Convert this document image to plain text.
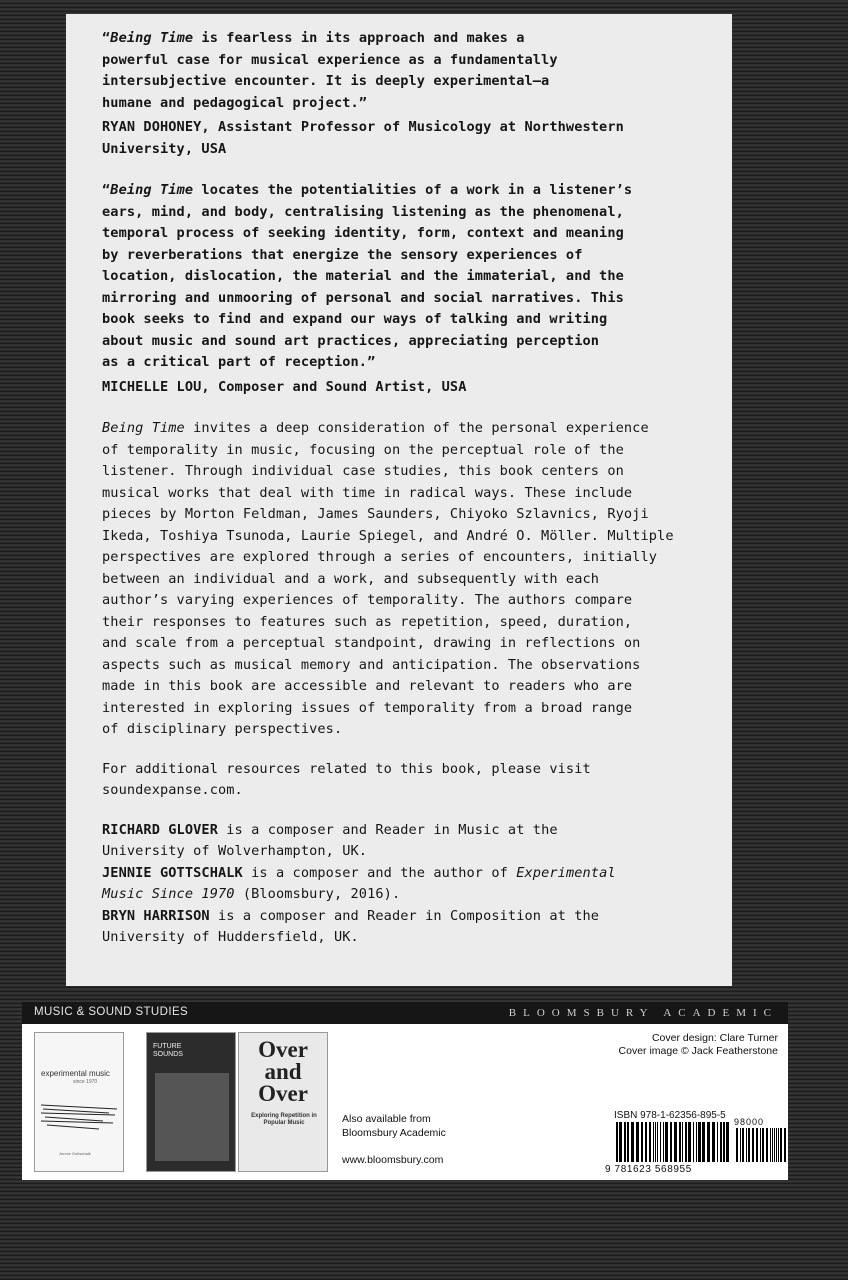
“Being Time is fearless in its approach and makes a
powerful case for musical experience as a fundamentally
intersubjective encounter. It is deeply experimental—a
humane and pedagogical project.”
RYAN DOHONEY, Assistant Professor of Musicology at Northwestern
University, USA
“Being Time locates the potentialities of a work in a listener’s
ears, mind, and body, centralising listening as the phenomenal,
temporal process of seeking identity, form, context and meaning
by reverberations that energize the sensory experiences of
location, dislocation, the material and the immaterial, and the
mirroring and unmooring of personal and social narratives. This
book seeks to find and expand our ways of talking and writing
about music and sound art practices, appreciating perception
as a critical part of reception.”
MICHELLE LOU, Composer and Sound Artist, USA
Being Time invites a deep consideration of the personal experience
of temporality in music, focusing on the perceptual role of the
listener. Through individual case studies, this book centers on
musical works that deal with time in radical ways. These include
pieces by Morton Feldman, James Saunders, Chiyoko Szlavnics, Ryoji
Ikeda, Toshiya Tsunoda, Laurie Spiegel, and André O. Möller. Multiple
perspectives are explored through a series of encounters, initially
between an individual and a work, and subsequently with each
author’s varying experiences of temporality. The authors compare
their responses to features such as repetition, speed, duration,
and scale from a perceptual standpoint, drawing in reflections on
aspects such as musical memory and anticipation. The observations
made in this book are accessible and relevant to readers who are
interested in exploring issues of temporality from a broad range
of disciplinary perspectives.
For additional resources related to this book, please visit
soundexpanse.com.
RICHARD GLOVER is a composer and Reader in Music at the
University of Wolverhampton, UK.
JENNIE GOTTSCHALK is a composer and the author of Experimental
Music Since 1970 (Bloomsbury, 2016).
BRYN HARRISON is a composer and Reader in Composition at the
University of Huddersfield, UK.
MUSIC & SOUND STUDIES	BLOOMSBURY ACADEMIC
experimental music
since 1970
Jennie Gottschalk
FUTURE SOUNDS	Over
and
Over
Exploring Repetition in Popular Music	Also available from
Bloomsbury Academic
www.bloomsbury.com
Cover design: Clare Turner
Cover image © Jack Featherstone
ISBN 978-1-62356-895-5
98000
9 781623 568955
